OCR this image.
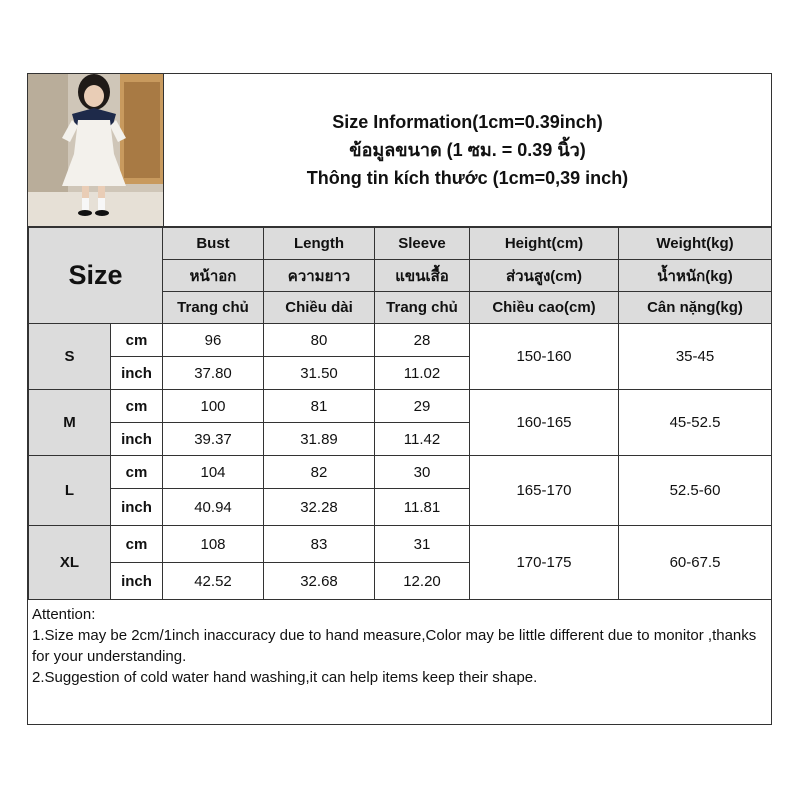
Size Information(1cm=0.39inch)
ข้อมูลขนาด (1 ซม. = 0.39 นิ้ว)
Thông tin kích thước (1cm=0,39 inch)
Size		Bust	Length	Sleeve	Height(cm)	Weight(kg)
		หน้าอก	ความยาว	แขนเสื้อ	ส่วนสูง(cm)	น้ำหนัก(kg)
		Trang chủ	Chiều dài	Trang chủ	Chiều cao(cm)	Cân nặng(kg)
S	cm	96	80	28	150-160	35-45
	inch	37.80	31.50	11.02		
M	cm	100	81	29	160-165	45-52.5
	inch	39.37	31.89	11.42		
L	cm	104	82	30	165-170	52.5-60
	inch	40.94	32.28	11.81		
XL	cm	108	83	31	170-175	60-67.5
	inch	42.52	32.68	12.20		

Attention:

1.Size may be 2cm/1inch inaccuracy due to hand measure,Color may be little different due to monitor ,thanks for your understanding.

2.Suggestion of cold water hand washing,it can help items keep their shape.
